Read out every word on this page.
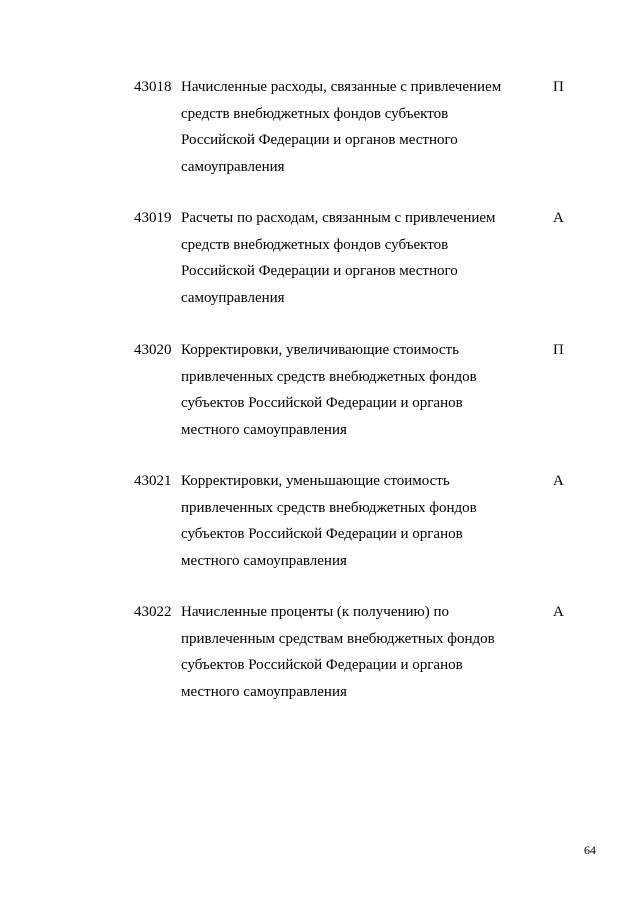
43018 Начисленные расходы, связанные с привлечением
средств внебюджетных фондов субъектов
Российской Федерации и органов местного
самоуправления
П
43019 Расчеты по расходам, связанным с привлечением
средств внебюджетных фондов субъектов
Российской Федерации и органов местного
самоуправления
А
43020 Корректировки, увеличивающие стоимость
привлеченных средств внебюджетных фондов
субъектов Российской Федерации и органов
местного самоуправления
П
43021 Корректировки, уменьшающие стоимость
привлеченных средств внебюджетных фондов
субъектов Российской Федерации и органов
местного самоуправления
А
43022 Начисленные проценты (к получению) по
привлеченным средствам внебюджетных фондов
субъектов Российской Федерации и органов
местного самоуправления
А
64
